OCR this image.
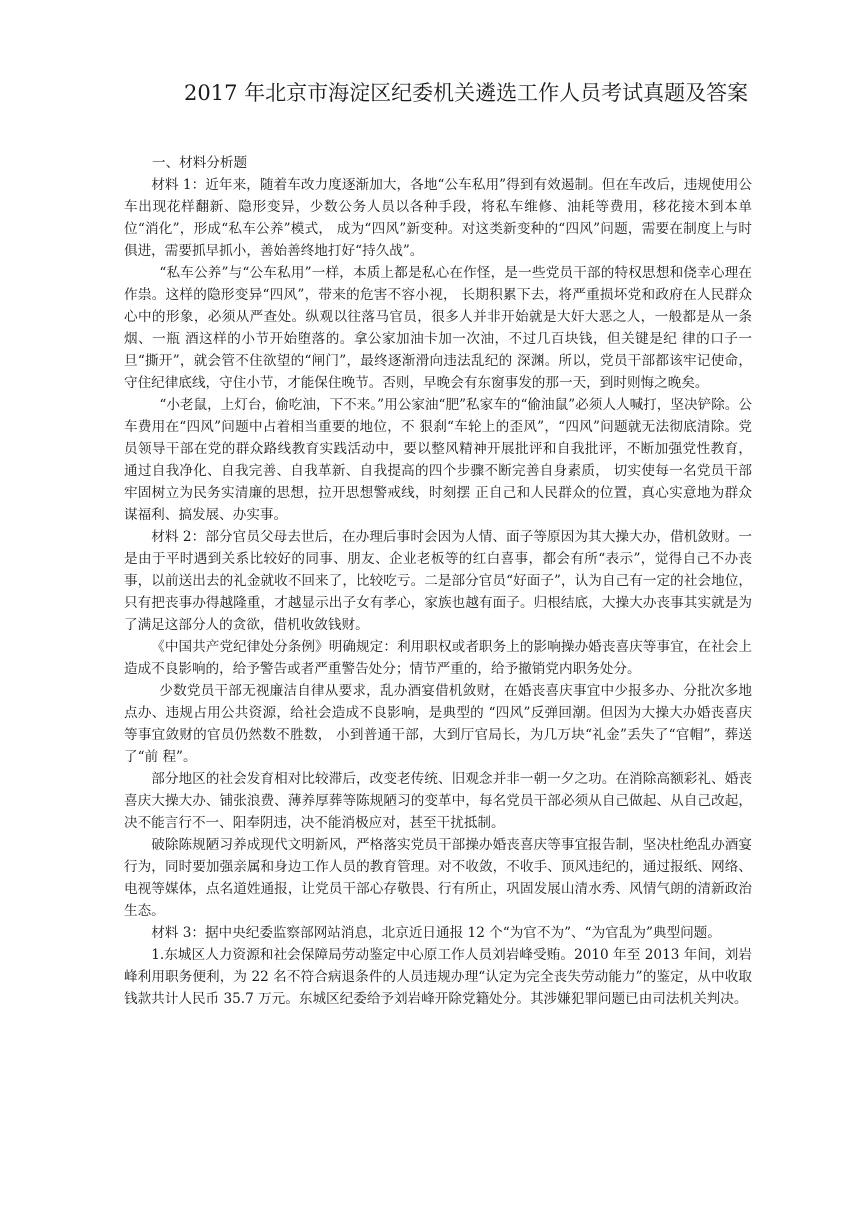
2017 年北京市海淀区纪委机关遴选工作人员考试真题及答案

一、材料分析题

材料 1：近年来，随着车改力度逐渐加大，各地“公车私用”得到有效遏制。但在车改后，违规使用公车出现花样翻新、隐形变异，少数公务人员以各种手段，将私车维修、油耗等费用，移花接木到本单位“消化”，形成“私车公养”模式， 成为“四风”新变种。对这类新变种的“四风”问题，需要在制度上与时俱进，需要抓早抓小，善始善终地打好“持久战”。

“私车公养”与“公车私用”一样，本质上都是私心在作怪，是一些党员干部的特权思想和侥幸心理在作祟。这样的隐形变异“四风”，带来的危害不容小视， 长期积累下去，将严重损坏党和政府在人民群众心中的形象，必须从严查处。纵观以往落马官员，很多人并非开始就是大奸大恶之人，一般都是从一条烟、一瓶 酒这样的小节开始堕落的。拿公家加油卡加一次油，不过几百块钱，但关键是纪 律的口子一旦“撕开”，就会管不住欲望的“闸门”，最终逐渐滑向违法乱纪的 深渊。所以，党员干部都该牢记使命，守住纪律底线，守住小节，才能保住晚节。否则，早晚会有东窗事发的那一天，到时则悔之晚矣。

“小老鼠，上灯台，偷吃油，下不来。”用公家油“肥”私家车的“偷油鼠”必须人人喊打，坚决铲除。公车费用在“四风”问题中占着相当重要的地位，不 狠刹“车轮上的歪风”，“四风”问题就无法彻底清除。党员领导干部在党的群众路线教育实践活动中，要以整风精神开展批评和自我批评，不断加强党性教育， 通过自我净化、自我完善、自我革新、自我提高的四个步骤不断完善自身素质， 切实使每一名党员干部牢固树立为民务实清廉的思想，拉开思想警戒线，时刻摆 正自己和人民群众的位置，真心实意地为群众谋福利、搞发展、办实事。

材料 2：部分官员父母去世后，在办理后事时会因为人情、面子等原因为其大操大办，借机敛财。一是由于平时遇到关系比较好的同事、朋友、企业老板等的红白喜事，都会有所“表示”，觉得自己不办丧事，以前送出去的礼金就收不回来了，比较吃亏。二是部分官员“好面子”，认为自己有一定的社会地位，只有把丧事办得越隆重，才越显示出子女有孝心，家族也越有面子。归根结底，大操大办丧事其实就是为了满足这部分人的贪欲，借机收敛钱财。

《中国共产党纪律处分条例》明确规定：利用职权或者职务上的影响操办婚丧喜庆等事宜，在社会上造成不良影响的，给予警告或者严重警告处分；情节严重的，给予撤销党内职务处分。

少数党员干部无视廉洁自律从要求，乱办酒宴借机敛财，在婚丧喜庆事宜中少报多办、分批次多地点办、违规占用公共资源，给社会造成不良影响，是典型的 “四风”反弹回潮。但因为大操大办婚丧喜庆等事宜敛财的官员仍然数不胜数， 小到普通干部，大到厅官局长，为几万块“礼金”丢失了“官帽”，葬送了“前 程”。

部分地区的社会发育相对比较滞后，改变老传统、旧观念并非一朝一夕之功。在消除高额彩礼、婚丧喜庆大操大办、铺张浪费、薄养厚葬等陈规陋习的变革中，每名党员干部必须从自己做起、从自己改起，决不能言行不一、阳奉阴违，决不能消极应对，甚至干扰抵制。

破除陈规陋习养成现代文明新风，严格落实党员干部操办婚丧喜庆等事宜报告制，坚决杜绝乱办酒宴行为，同时要加强亲属和身边工作人员的教育管理。对不收敛，不收手、顶风违纪的，通过报纸、网络、电视等媒体，点名道姓通报，让党员干部心存敬畏、行有所止，巩固发展山清水秀、风情气朗的清新政治生态。

材料 3：据中央纪委监察部网站消息，北京近日通报 12 个“为官不为”、“为官乱为”典型问题。

1.东城区人力资源和社会保障局劳动鉴定中心原工作人员刘岩峰受贿。2010 年至 2013 年间，刘岩峰利用职务便利，为 22 名不符合病退条件的人员违规办理“认定为完全丧失劳动能力”的鉴定，从中收取钱款共计人民币 35.7 万元。东城区纪委给予刘岩峰开除党籍处分。其涉嫌犯罪问题已由司法机关判决。
